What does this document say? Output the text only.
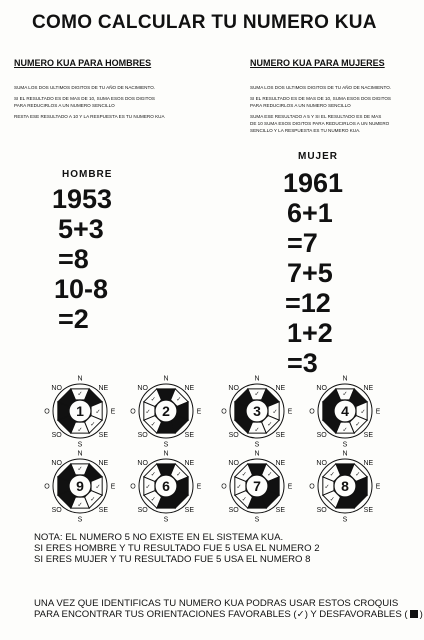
COMO CALCULAR TU NUMERO KUA
NUMERO KUA PARA HOMBRES
SUMA LOS DOS ULTIMOS DIGITOS DE TU AÑO DE NACIMIENTO.
SI EL RESULTADO ES DE MAS DE 10, SUMA ESOS DOS DIGITOS
PARA REDUCIRLOS A UN NUMERO SENCILLO
RESTA ESE RESULTADO A 10 Y LA RESPUESTA ES TU NUMERO KUA
HOMBRE
1953
5+3
=8
10-8
=2
NUMERO KUA PARA MUJERES
SUMA LOS DOS ULTIMOS DIGITOS DE TU AÑO DE NACIMIENTO.
SI EL RESULTADO ES DE MAS DE 10, SUMA ESOS DOS DIGITOS
PARA REDUCIRLOS A UN NUMERO SENCILLO
SUMA ESE RESULTADO A 5 Y SI EL RESULTADO ES DE MAS
DE 10 SUMA ESOS DIGITOS PARA REDUCIRLOS A UN NUMERO
SENCILLO Y LA RESPUESTA ES TU NUMERO KUA.
MUJER
1961
6+1
=7
7+5
=12
1+2
=3
✓
N
NE
✓ E
✓
SE
✓
S
SO
O
NO
1
N
✓
NE
E
SE
S
✓
SO
✓
O
✓
NO
2
✓
N
NE
✓ E
✓
SE
✓
S
SO
O
NO
3
✓
N
NE
✓ E
✓
SE
✓
S
SO
O
NO
4
✓
N
NE
✓ E
✓
SE
✓
S
SO
O
NO
9
N
✓
NE
E
SE
S
✓
SO
✓
O
✓
NO
6
N
✓
NE
E
SE
S
✓
SO
✓
O
✓
NO
7
N
✓
NE
E
SE
S
✓
SO
✓
O
✓
NO
8
NOTA: EL NUMERO 5 NO EXISTE EN EL SISTEMA KUA.
SI ERES HOMBRE Y TU RESULTADO FUE 5 USA EL NUMERO 2
SI ERES MUJER Y TU RESULTADO FUE 5 USA EL NUMERO 8
UNA VEZ QUE IDENTIFICAS TU NUMERO KUA PODRAS USAR ESTOS CROQUIS
PARA ENCONTRAR TUS ORIENTACIONES FAVORABLES (✓) Y DESFAVORABLES ( )
